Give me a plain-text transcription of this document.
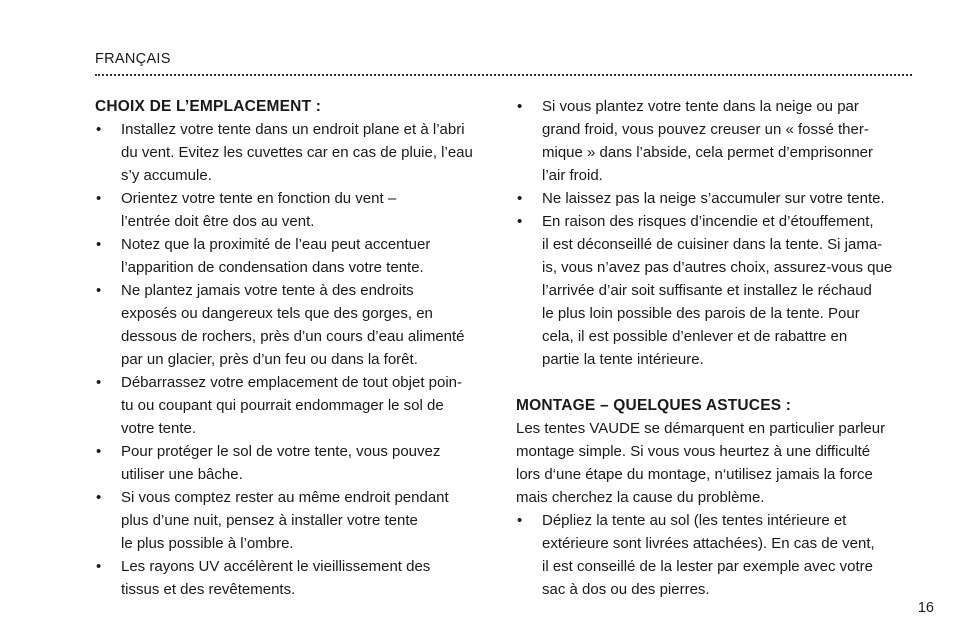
FRANÇAIS
CHOIX DE L’EMPLACEMENT :
• Installez votre tente dans un endroit plane et à l’abri
du vent. Evitez les cuvettes car en cas de pluie, l’eau
s’y accumule.
• Orientez votre tente en fonction du vent –
l’entrée doit être dos au vent.
• Notez que la proximité de l’eau peut accentuer
l’apparition de condensation dans votre tente.
• Ne plantez jamais votre tente à des endroits
exposés ou dangereux tels que des gorges, en
dessous de rochers, près d’un cours d’eau alimenté
par un glacier, près d’un feu ou dans la forêt.
• Débarrassez votre emplacement de tout objet poin-
tu ou coupant qui pourrait endommager le sol de
votre tente.
• Pour protéger le sol de votre tente, vous pouvez
utiliser une bâche.
• Si vous comptez rester au même endroit pendant
plus d’une nuit, pensez à installer votre tente
le plus possible à l’ombre.
• Les rayons UV accélèrent le vieillissement des
tissus et des revêtements.
• Si vous plantez votre tente dans la neige ou par
grand froid, vous pouvez creuser un « fossé ther-
mique » dans l’abside, cela permet d’emprisonner
l’air froid.
• Ne laissez pas la neige s’accumuler sur votre tente.
• En raison des risques d’incendie et d’étouffement,
il est déconseillé de cuisiner dans la tente. Si jama-
is, vous n’avez pas d’autres choix, assurez-vous que
l’arrivée d’air soit suffisante et installez le réchaud
le plus loin possible des parois de la tente. Pour
cela, il est possible d’enlever et de rabattre en
partie la tente intérieure.
MONTAGE – QUELQUES ASTUCES :

Les tentes VAUDE se démarquent en particulier parleur
montage simple. Si vous vous heurtez à une difficulté
lors d‘une étape du montage, n‘utilisez jamais la force
mais cherchez la cause du problème.

• Dépliez la tente au sol (les tentes intérieure et
extérieure sont livrées attachées). En cas de vent,
il est conseillé de la lester par exemple avec votre
sac à dos ou des pierres.
16
